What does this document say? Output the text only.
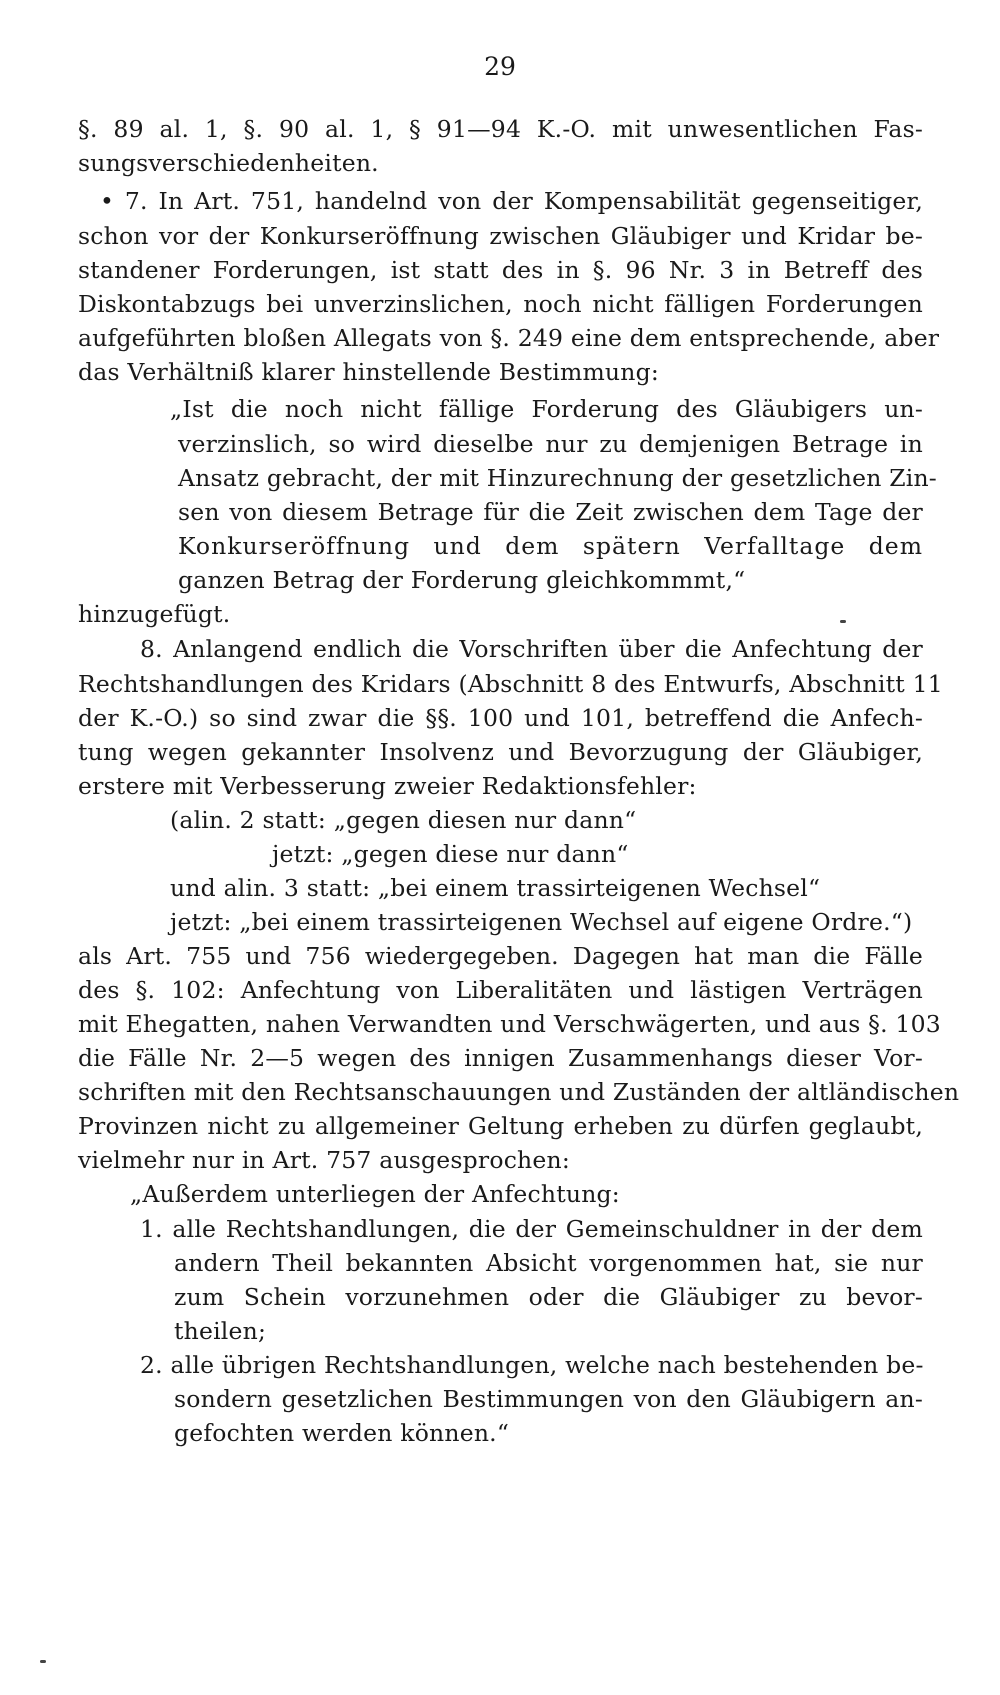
29
§. 89 al. 1, §. 90 al. 1, § 91—94 K.-O. mit unwesentlichen Fas-
sungsverschiedenheiten.
• 7. In Art. 751, handelnd von der Kompensabilität gegenseitiger,
schon vor der Konkurseröffnung zwischen Gläubiger und Kridar be-
standener Forderungen, ist statt des in §. 96 Nr. 3 in Betreff des
Diskontabzugs bei unverzinslichen, noch nicht fälligen Forderungen
aufgeführten bloßen Allegats von §. 249 eine dem entsprechende, aber
das Verhältniß klarer hinstellende Bestimmung:
„Ist die noch nicht fällige Forderung des Gläubigers un-
verzinslich, so wird dieselbe nur zu demjenigen Betrage in
Ansatz gebracht, der mit Hinzurechnung der gesetzlichen Zin-
sen von diesem Betrage für die Zeit zwischen dem Tage der
Konkurseröffnung und dem spätern Verfalltage dem
ganzen Betrag der Forderung gleichkommmt,“
hinzugefügt.
8. Anlangend endlich die Vorschriften über die Anfechtung der
Rechtshandlungen des Kridars (Abschnitt 8 des Entwurfs, Abschnitt 11
der K.-O.) so sind zwar die §§. 100 und 101, betreffend die Anfech-
tung wegen gekannter Insolvenz und Bevorzugung der Gläubiger,
erstere mit Verbesserung zweier Redaktionsfehler:
(alin. 2 statt: „gegen diesen nur dann“
jetzt: „gegen diese nur dann“
und alin. 3 statt: „bei einem trassirteigenen Wechsel“
jetzt: „bei einem trassirteigenen Wechsel auf eigene Ordre.“)
als Art. 755 und 756 wiedergegeben. Dagegen hat man die Fälle
des §. 102: Anfechtung von Liberalitäten und lästigen Verträgen
mit Ehegatten, nahen Verwandten und Verschwägerten, und aus §. 103
die Fälle Nr. 2—5 wegen des innigen Zusammenhangs dieser Vor-
schriften mit den Rechtsanschauungen und Zuständen der altländischen
Provinzen nicht zu allgemeiner Geltung erheben zu dürfen geglaubt,
vielmehr nur in Art. 757 ausgesprochen:
„Außerdem unterliegen der Anfechtung:
1. alle Rechtshandlungen, die der Gemeinschuldner in der dem
andern Theil bekannten Absicht vorgenommen hat, sie nur
zum Schein vorzunehmen oder die Gläubiger zu bevor-
theilen;
2. alle übrigen Rechtshandlungen, welche nach bestehenden be-
sondern gesetzlichen Bestimmungen von den Gläubigern an-
gefochten werden können.“
